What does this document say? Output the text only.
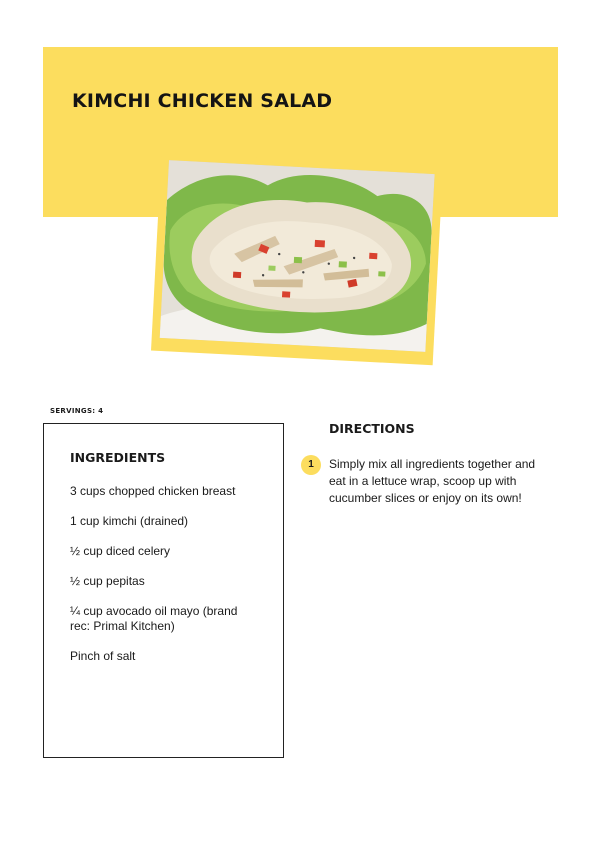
KIMCHI CHICKEN SALAD
SERVINGS: 4
INGREDIENTS
3 cups chopped chicken breast
1 cup kimchi (drained)
½ cup diced celery
½ cup pepitas
¼ cup avocado oil mayo (brand rec: Primal Kitchen)
Pinch of salt
DIRECTIONS
1	Simply mix all ingredients together and eat in a lettuce wrap, scoop up with cucumber slices or enjoy on its own!
